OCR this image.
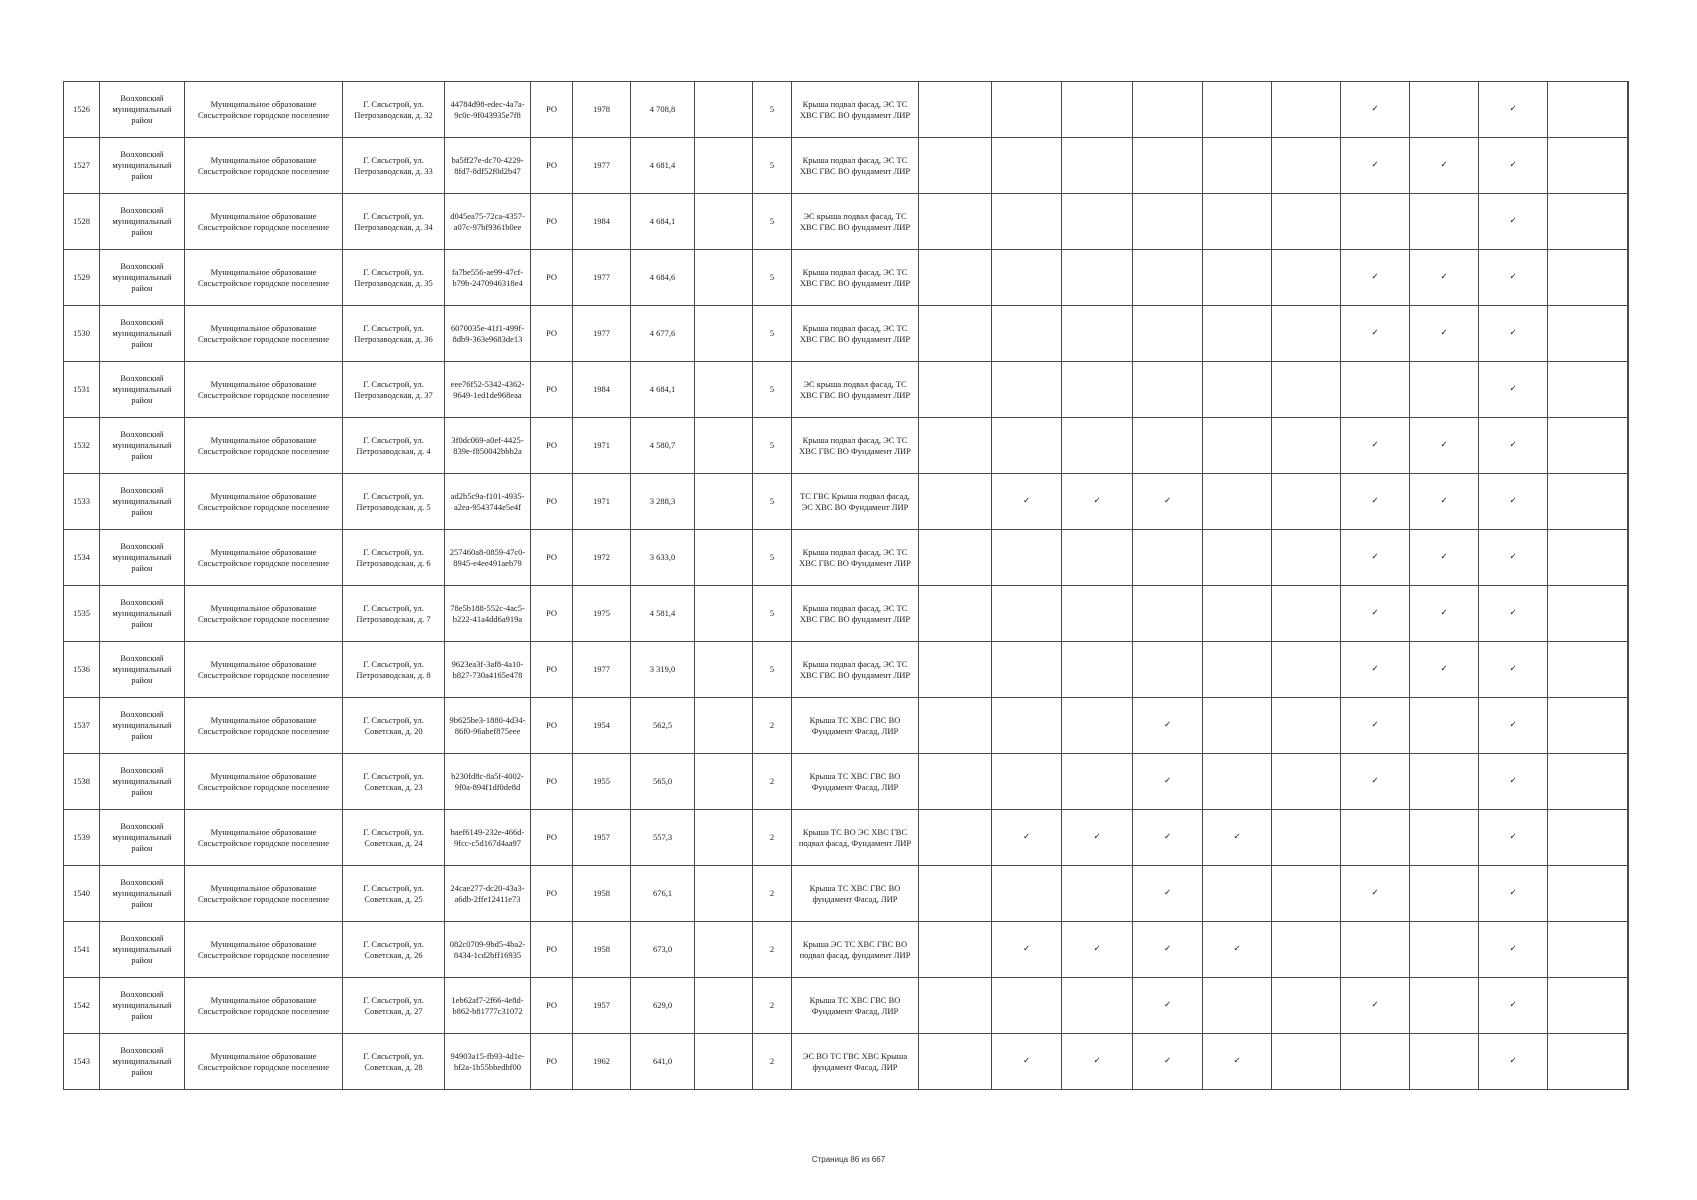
1526	Волховский муниципальный район	Муниципальное образование Сясьстройское городское поселение	Г. Сясьстрой, ул. Петрозаводская, д. 32	44784d98-edec-4a7a-9c0c-9f043935e7f8	РО	1978	4 708,8		5	Крыша подвал фасад, ЭС ТС ХВС ГВС ВО фундамент ЛИР							✓		✓		
1527	Волховский муниципальный район	Муниципальное образование Сясьстройское городское поселение	Г. Сясьстрой, ул. Петрозаводская, д. 33	ba5ff27e-dc70-4229-8fd7-8df52f0d2b47	РО	1977	4 681,4		5	Крыша подвал фасад, ЭС ТС ХВС ГВС ВО фундамент ЛИР							✓	✓	✓		
1528	Волховский муниципальный район	Муниципальное образование Сясьстройское городское поселение	Г. Сясьстрой, ул. Петрозаводская, д. 34	d045ea75-72ca-4357-a07c-97bf9361b0ee	РО	1984	4 684,1		5	ЭС крыша подвал фасад, ТС ХВС ГВС ВО фундамент ЛИР									✓		
1529	Волховский муниципальный район	Муниципальное образование Сясьстройское городское поселение	Г. Сясьстрой, ул. Петрозаводская, д. 35	fa7be556-ae99-47cf-b79b-2470946318e4	РО	1977	4 684,6		5	Крыша подвал фасад, ЭС ТС ХВС ГВС ВО фундамент ЛИР							✓	✓	✓		
1530	Волховский муниципальный район	Муниципальное образование Сясьстройское городское поселение	Г. Сясьстрой, ул. Петрозаводская, д. 36	6070035e-41f1-499f-8db9-363e9683de13	РО	1977	4 677,6		5	Крыша подвал фасад, ЭС ТС ХВС ГВС ВО фундамент ЛИР							✓	✓	✓		
1531	Волховский муниципальный район	Муниципальное образование Сясьстройское городское поселение	Г. Сясьстрой, ул. Петрозаводская, д. 37	eee76f52-5342-4362-9649-1ed1de968eaa	РО	1984	4 684,1		5	ЭС крыша подвал фасад, ТС ХВС ГВС ВО фундамент ЛИР									✓		
1532	Волховский муниципальный район	Муниципальное образование Сясьстройское городское поселение	Г. Сясьстрой, ул. Петрозаводская, д. 4	3f0dc069-a0ef-4425-839e-f850042bbb2a	РО	1971	4 580,7		5	Крыша подвал фасад, ЭС ТС ХВС ГВС ВО Фундамент ЛИР							✓	✓	✓		
1533	Волховский муниципальный район	Муниципальное образование Сясьстройское городское поселение	Г. Сясьстрой, ул. Петрозаводская, д. 5	ad2b5c9a-f101-4935-a2ea-9543744e5e4f	РО	1971	3 288,3		5	ТС ГВС Крыша подвал фасад, ЭС ХВС ВО Фундамент ЛИР		✓	✓	✓			✓	✓	✓		
1534	Волховский муниципальный район	Муниципальное образование Сясьстройское городское поселение	Г. Сясьстрой, ул. Петрозаводская, д. 6	257460a8-0859-47c0-8945-e4ee491aeb79	РО	1972	3 633,0		5	Крыша подвал фасад, ЭС ТС ХВС ГВС ВО Фундамент ЛИР							✓	✓	✓		
1535	Волховский муниципальный район	Муниципальное образование Сясьстройское городское поселение	Г. Сясьстрой, ул. Петрозаводская, д. 7	78e5b188-552c-4ac5-b222-41a4dd6a919a	РО	1975	4 581,4		5	Крыша подвал фасад, ЭС ТС ХВС ГВС ВО фундамент ЛИР							✓	✓	✓		
1536	Волховский муниципальный район	Муниципальное образование Сясьстройское городское поселение	Г. Сясьстрой, ул. Петрозаводская, д. 8	9623ea3f-3af8-4a10-b827-730a4165e478	РО	1977	3 319,0		5	Крыша подвал фасад, ЭС ТС ХВС ГВС ВО фундамент ЛИР							✓	✓	✓		
1537	Волховский муниципальный район	Муниципальное образование Сясьстройское городское поселение	Г. Сясьстрой, ул. Советская, д. 20	9b625be3-1880-4d34-86f0-96abef875eee	РО	1954	562,5		2	Крыша ТС ХВС ГВС ВО Фундамент Фасад, ЛИР				✓			✓		✓		
1538	Волховский муниципальный район	Муниципальное образование Сясьстройское городское поселение	Г. Сясьстрой, ул. Советская, д. 23	b230fd8c-8a5f-4002-9f0a-894f1df0de8d	РО	1955	565,0		2	Крыша ТС ХВС ГВС ВО Фундамент Фасад, ЛИР				✓			✓		✓		
1539	Волховский муниципальный район	Муниципальное образование Сясьстройское городское поселение	Г. Сясьстрой, ул. Советская, д. 24	baef6149-232e-466d-9fcc-c5d167d4aa97	РО	1957	557,3		2	Крыша ТС ВО ЭС ХВС ГВС подвал фасад, Фундамент ЛИР		✓	✓	✓	✓				✓		
1540	Волховский муниципальный район	Муниципальное образование Сясьстройское городское поселение	Г. Сясьстрой, ул. Советская, д. 25	24cae277-dc20-43a3-a6db-2ffe12411e73	РО	1958	676,1		2	Крыша ТС ХВС ГВС ВО фундамент Фасад, ЛИР				✓			✓		✓		
1541	Волховский муниципальный район	Муниципальное образование Сясьстройское городское поселение	Г. Сясьстрой, ул. Советская, д. 26	082c0709-9bd5-4ba2-8434-1cd2bff16935	РО	1958	673,0		2	Крыша ЭС ТС ХВС ГВС ВО подвал фасад, фундамент ЛИР		✓	✓	✓	✓				✓		
1542	Волховский муниципальный район	Муниципальное образование Сясьстройское городское поселение	Г. Сясьстрой, ул. Советская, д. 27	1eb62af7-2f66-4e8d-b862-b81777c31072	РО	1957	629,0		2	Крыша ТС ХВС ГВС ВО Фундамент Фасад, ЛИР				✓			✓		✓		
1543	Волховский муниципальный район	Муниципальное образование Сясьстройское городское поселение	Г. Сясьстрой, ул. Советская, д. 28	94903a15-fb93-4d1e-bf2a-1b55bbedbf00	РО	1962	641,0		2	ЭС ВО ТС ГВС ХВС Крыша фундамент Фасад, ЛИР		✓	✓	✓	✓				✓		
Страница 86 из 667
